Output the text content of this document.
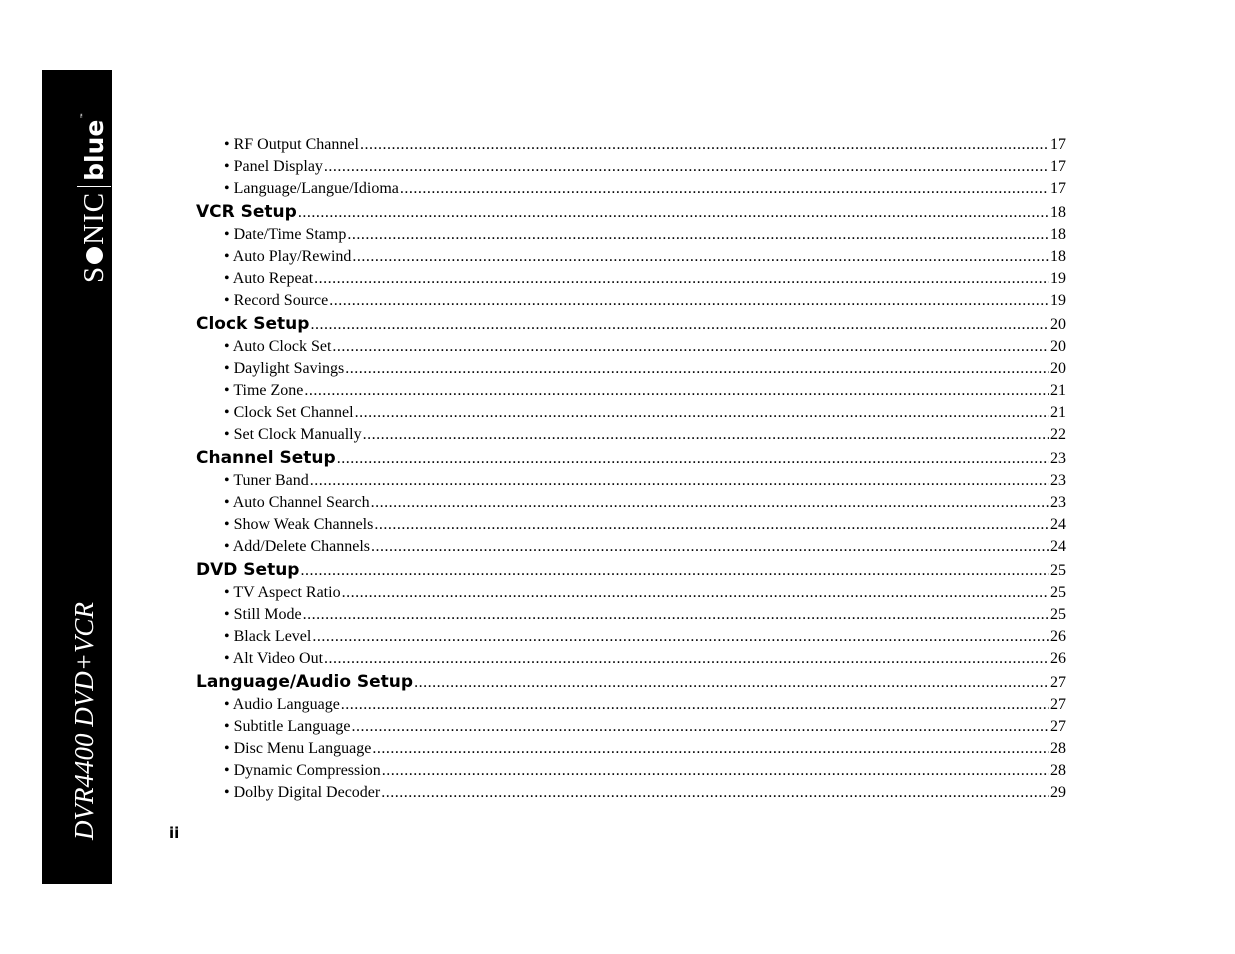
S
NIC
blue™
DVR4400 DVD+VCR
• RF Output Channel .....	17
• Panel Display .....	17
• Language/Langue/Idioma .....	17
VCR Setup .....	18
• Date/Time Stamp .....	18
• Auto Play/Rewind .....	18
• Auto Repeat .....	19
• Record Source .....	19
Clock Setup .....	20
• Auto Clock Set .....	20
• Daylight Savings .....	20
• Time Zone .....	21
• Clock Set Channel .....	21
• Set Clock Manually .....	22
Channel Setup .....	23
• Tuner Band .....	23
• Auto Channel Search .....	23
• Show Weak Channels .....	24
• Add/Delete Channels .....	24
DVD Setup .....	25
• TV Aspect Ratio .....	25
• Still Mode .....	25
• Black Level .....	26
• Alt Video Out .....	26
Language/Audio Setup .....	27
• Audio Language .....	27
• Subtitle Language .....	27
• Disc Menu Language .....	28
• Dynamic Compression .....	28
• Dolby Digital Decoder .....	29
ii
